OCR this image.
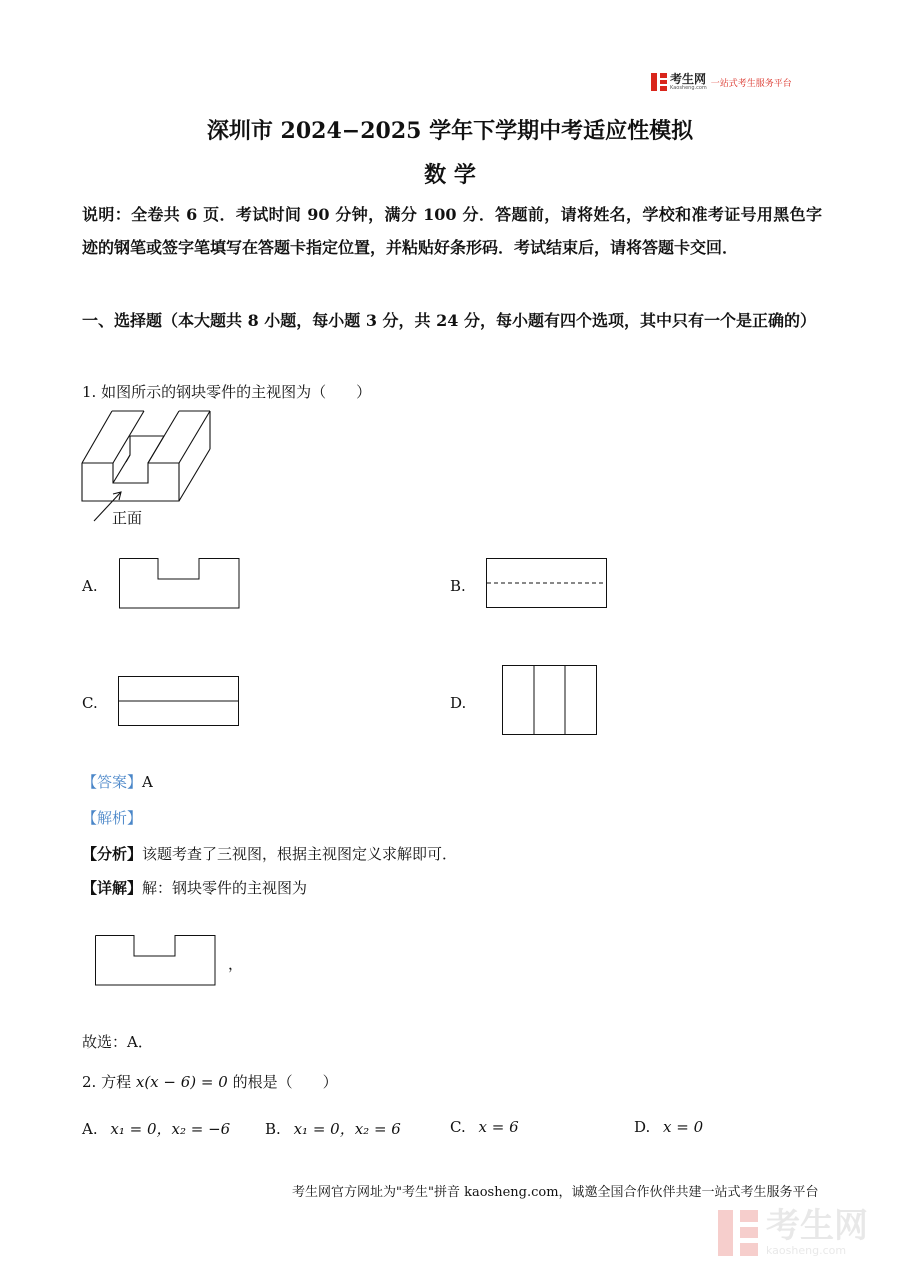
考生网
Kaosheng.com 一站式考生服务平台
深圳市 2024−2025 学年下学期中考适应性模拟
数 学
说明：全卷共 6 页．考试时间 90 分钟，满分 100 分．答题前，请将姓名，学校和准考证号用黑色字迹的钢笔或签字笔填写在答题卡指定位置，并粘贴好条形码．考试结束后，请将答题卡交回．
一、选择题（本大题共 8 小题，每小题 3 分，共 24 分，每小题有四个选项，其中只有一个是正确的）
1. 如图所示的钢块零件的主视图为（　　）
正面
A.	B.
C.	D.
【答案】A
【解析】
【分析】该题考查了三视图，根据主视图定义求解即可．
【详解】解：钢块零件的主视图为
，
故选：A．
2. 方程 x(x − 6) = 0 的根是（　　）
A. x₁ = 0，x₂ = −6 B. x₁ = 0，x₂ = 6	C. x = 6	D. x = 0
考生网官方网址为"考生"拼音 kaosheng.com，诚邀全国合作伙伴共建一站式考生服务平台
考生网
kaosheng.com
